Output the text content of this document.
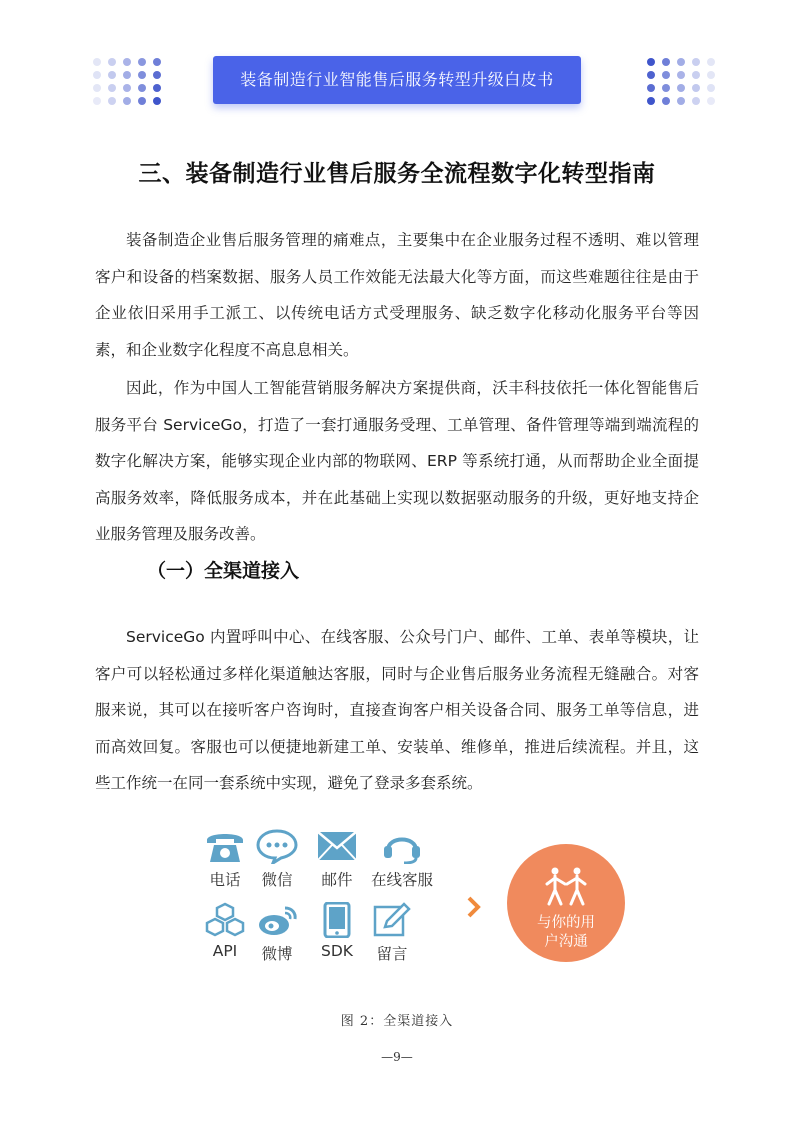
装备制造行业智能售后服务转型升级白皮书
三、装备制造行业售后服务全流程数字化转型指南

装备制造企业售后服务管理的痛难点，主要集中在企业服务过程不透明、难以管理客户和设备的档案数据、服务人员工作效能无法最大化等方面，而这些难题往往是由于企业依旧采用手工派工、以传统电话方式受理服务、缺乏数字化移动化服务平台等因素，和企业数字化程度不高息息相关。

因此，作为中国人工智能营销服务解决方案提供商，沃丰科技依托一体化智能售后服务平台 ServiceGo，打造了一套打通服务受理、工单管理、备件管理等端到端流程的数字化解决方案，能够实现企业内部的物联网、ERP 等系统打通，从而帮助企业全面提高服务效率，降低服务成本，并在此基础上实现以数据驱动服务的升级，更好地支持企业服务管理及服务改善。

（一）全渠道接入

ServiceGo 内置呼叫中心、在线客服、公众号门户、邮件、工单、表单等模块，让客户可以轻松通过多样化渠道触达客服，同时与企业售后服务业务流程无缝融合。对客服来说，其可以在接听客户咨询时，直接查询客户相关设备合同、服务工单等信息，进而高效回复。客服也可以便捷地新建工单、安装单、维修单，推进后续流程。并且，这些工作统一在同一套系统中实现，避免了登录多套系统。

电话	微信	邮件	在线客服
API	微博	SDK	留言
与你的用
户沟通
图 2：全渠道接入
—9—
